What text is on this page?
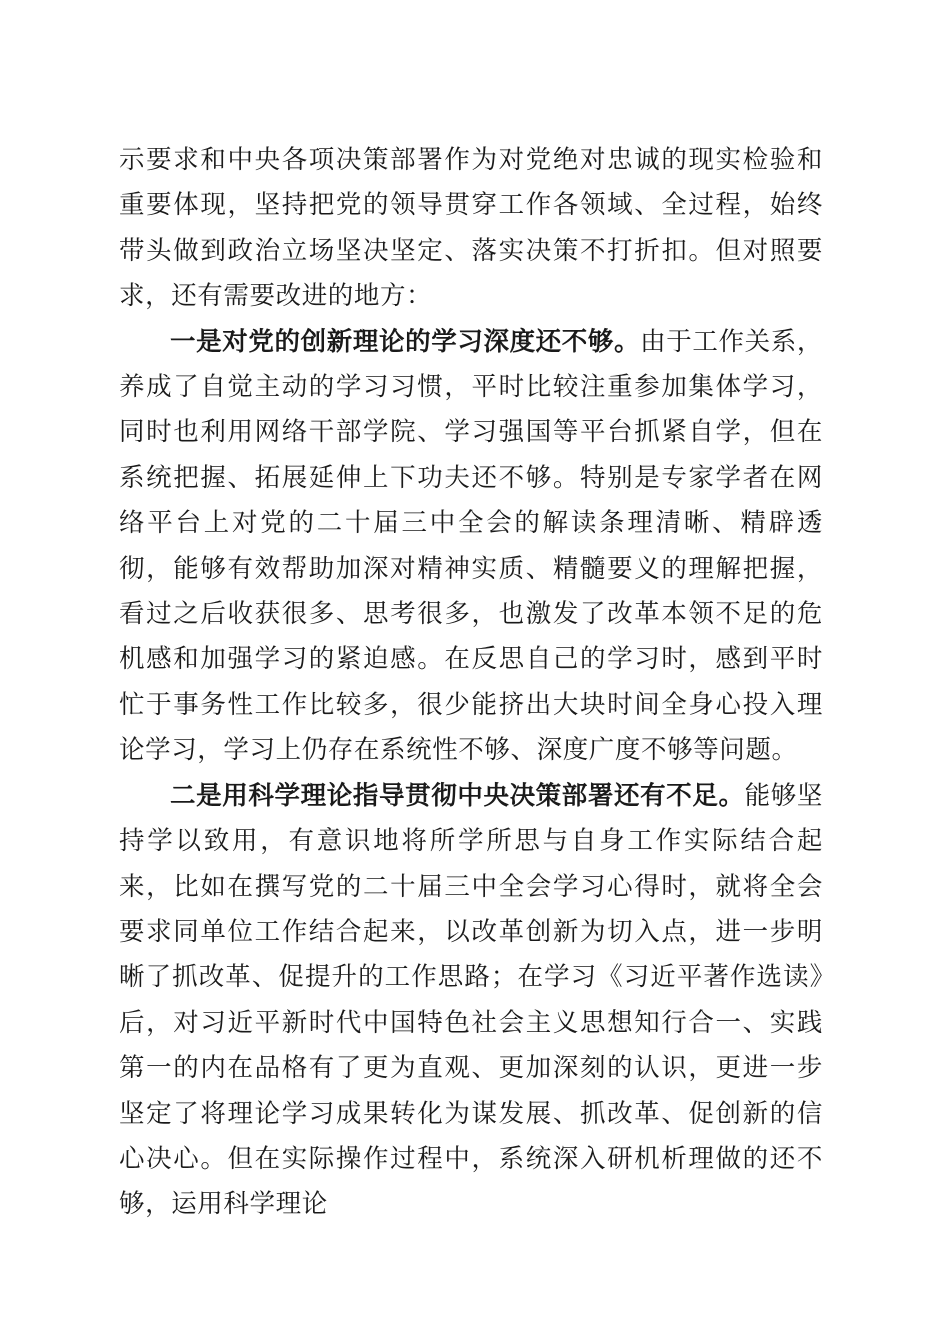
示要求和中央各项决策部署作为对党绝对忠诚的现实检验和重要体现，坚持把党的领导贯穿工作各领域、全过程，始终带头做到政治立场坚决坚定、落实决策不打折扣。但对照要求，还有需要改进的地方：

一是对党的创新理论的学习深度还不够。由于工作关系，养成了自觉主动的学习习惯，平时比较注重参加集体学习，同时也利用网络干部学院、学习强国等平台抓紧自学，但在系统把握、拓展延伸上下功夫还不够。特别是专家学者在网络平台上对党的二十届三中全会的解读条理清晰、精辟透彻，能够有效帮助加深对精神实质、精髓要义的理解把握，看过之后收获很多、思考很多，也激发了改革本领不足的危机感和加强学习的紧迫感。在反思自己的学习时，感到平时忙于事务性工作比较多，很少能挤出大块时间全身心投入理论学习，学习上仍存在系统性不够、深度广度不够等问题。

二是用科学理论指导贯彻中央决策部署还有不足。能够坚持学以致用，有意识地将所学所思与自身工作实际结合起来，比如在撰写党的二十届三中全会学习心得时，就将全会要求同单位工作结合起来，以改革创新为切入点，进一步明晰了抓改革、促提升的工作思路；在学习《习近平著作选读》后，对习近平新时代中国特色社会主义思想知行合一、实践第一的内在品格有了更为直观、更加深刻的认识，更进一步坚定了将理论学习成果转化为谋发展、抓改革、促创新的信心决心。但在实际操作过程中，系统深入研机析理做的还不够，运用科学理论
